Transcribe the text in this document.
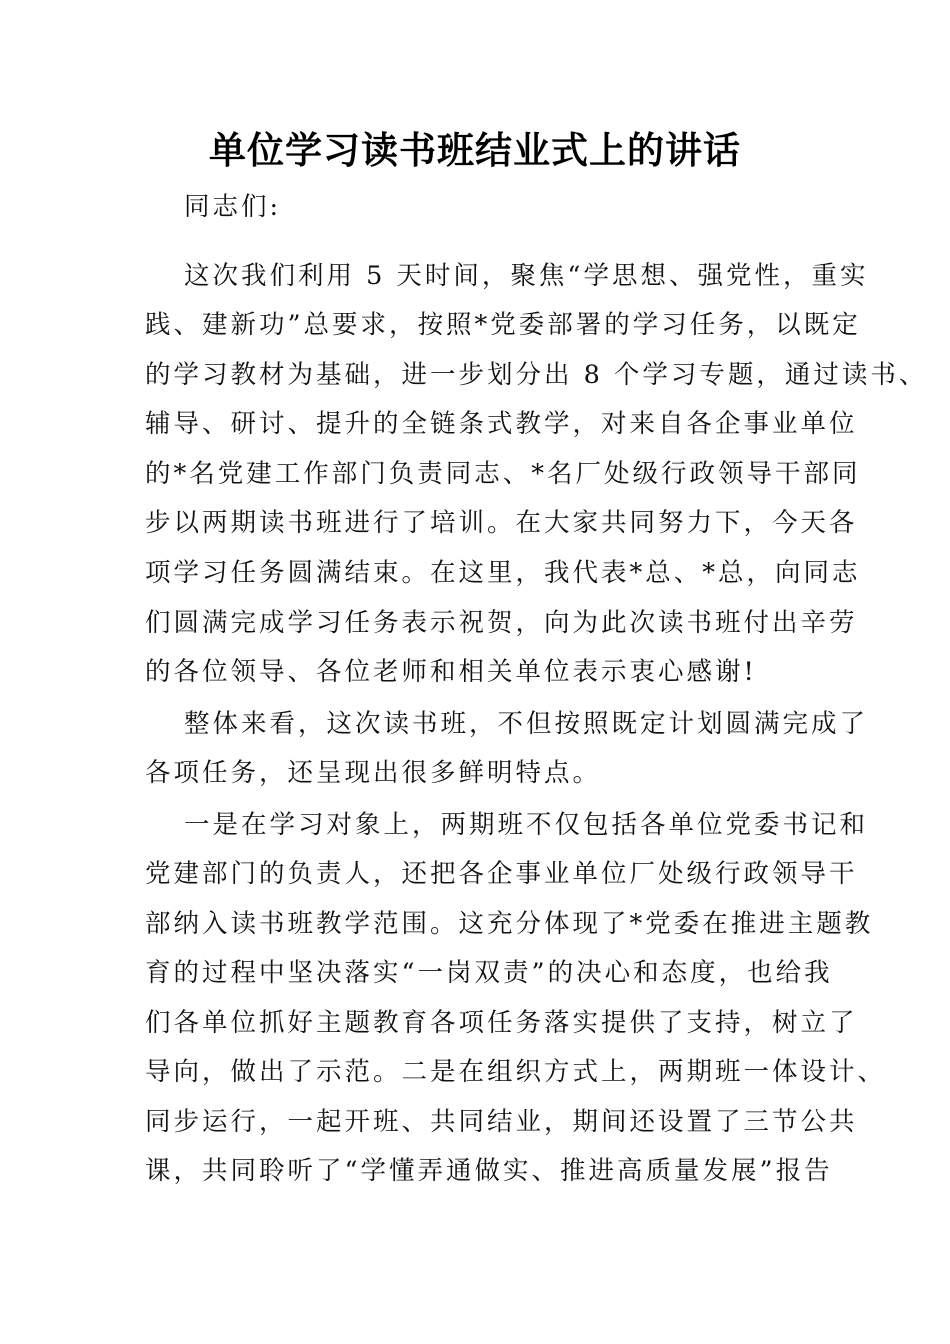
单位学习读书班结业式上的讲话
同志们:
这次我们利用 5 天时间，聚焦“学思想、强党性，重实
践、建新功”总要求，按照*党委部署的学习任务，以既定
的学习教材为基础，进一步划分出 8 个学习专题，通过读书、
辅导、研讨、提升的全链条式教学，对来自各企事业单位
的*名党建工作部门负责同志、*名厂处级行政领导干部同
步以两期读书班进行了培训。在大家共同努力下，今天各
项学习任务圆满结束。在这里，我代表*总、*总，向同志
们圆满完成学习任务表示祝贺，向为此次读书班付出辛劳
的各位领导、各位老师和相关单位表示衷心感谢!
整体来看，这次读书班，不但按照既定计划圆满完成了
各项任务，还呈现出很多鲜明特点。
一是在学习对象上，两期班不仅包括各单位党委书记和
党建部门的负责人，还把各企事业单位厂处级行政领导干
部纳入读书班教学范围。这充分体现了*党委在推进主题教
育的过程中坚决落实“一岗双责”的决心和态度，也给我
们各单位抓好主题教育各项任务落实提供了支持，树立了
导向，做出了示范。二是在组织方式上，两期班一体设计、
同步运行，一起开班、共同结业，期间还设置了三节公共
课，共同聆听了“学懂弄通做实、推进高质量发展”报告
